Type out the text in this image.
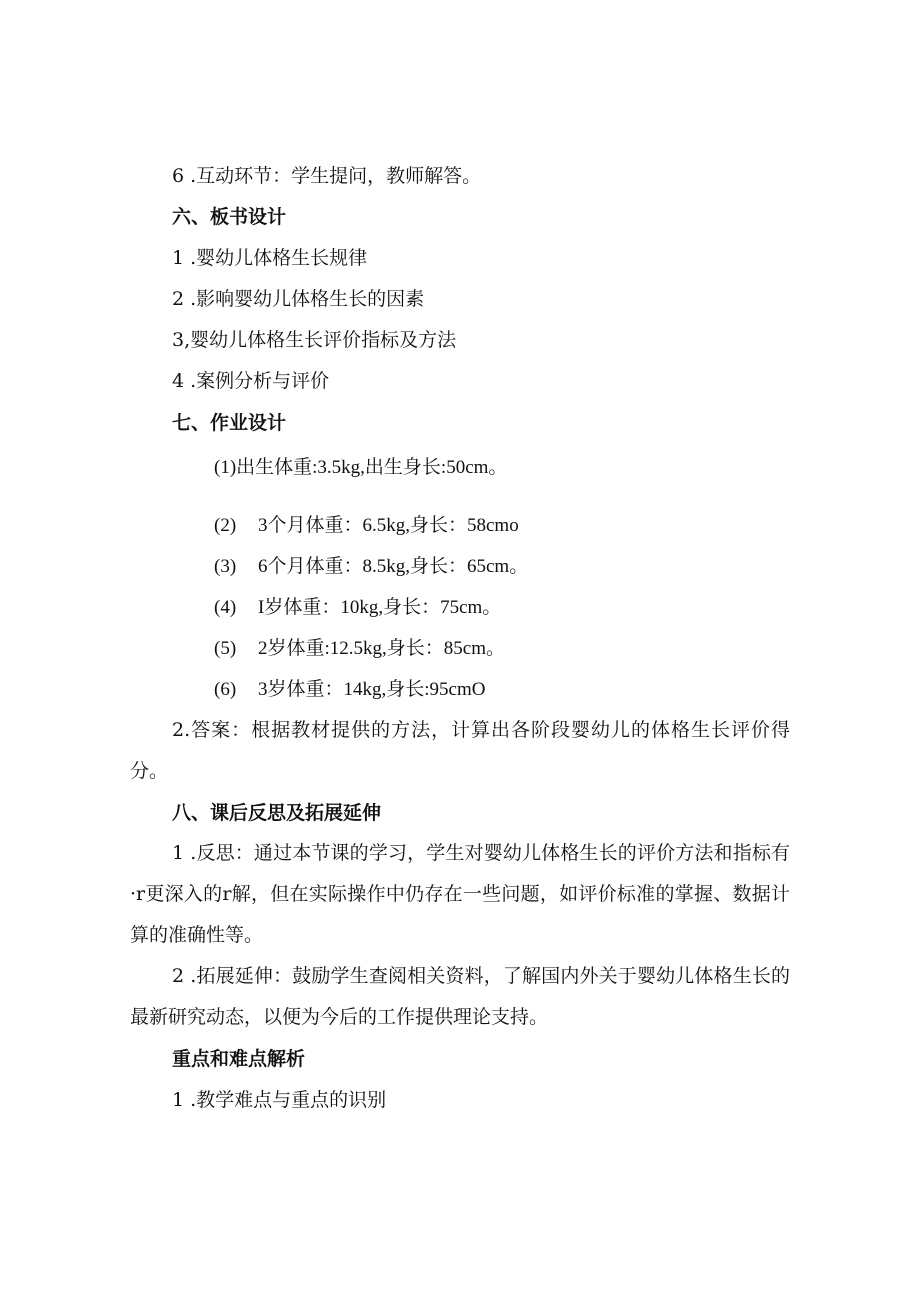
6 .互动环节：学生提问，教师解答。
六、板书设计
1 .婴幼儿体格生长规律
2 .影响婴幼儿体格生长的因素
3,婴幼儿体格生长评价指标及方法
4 .案例分析与评价
七、作业设计
(1)出生体重:3.5kg,出生身长:50cm。
(2) 3个月体重：6.5kg,身长：58cmo
(3) 6个月体重：8.5kg,身长：65cm。
(4) I岁体重：10kg,身长：75cm。
(5) 2岁体重:12.5kg,身长：85cm。
(6) 3岁体重：14kg,身长:95cmO
2.答案：根据教材提供的方法，计算出各阶段婴幼儿的体格生长评价得分。
八、课后反思及拓展延伸
1 .反思：通过本节课的学习，学生对婴幼儿体格生长的评价方法和指标有·r更深入的r解，但在实际操作中仍存在一些问题，如评价标准的掌握、数据计算的准确性等。
2 .拓展延伸：鼓励学生查阅相关资料，了解国内外关于婴幼儿体格生长的最新研究动态，以便为今后的工作提供理论支持。
重点和难点解析
1 .教学难点与重点的识别
